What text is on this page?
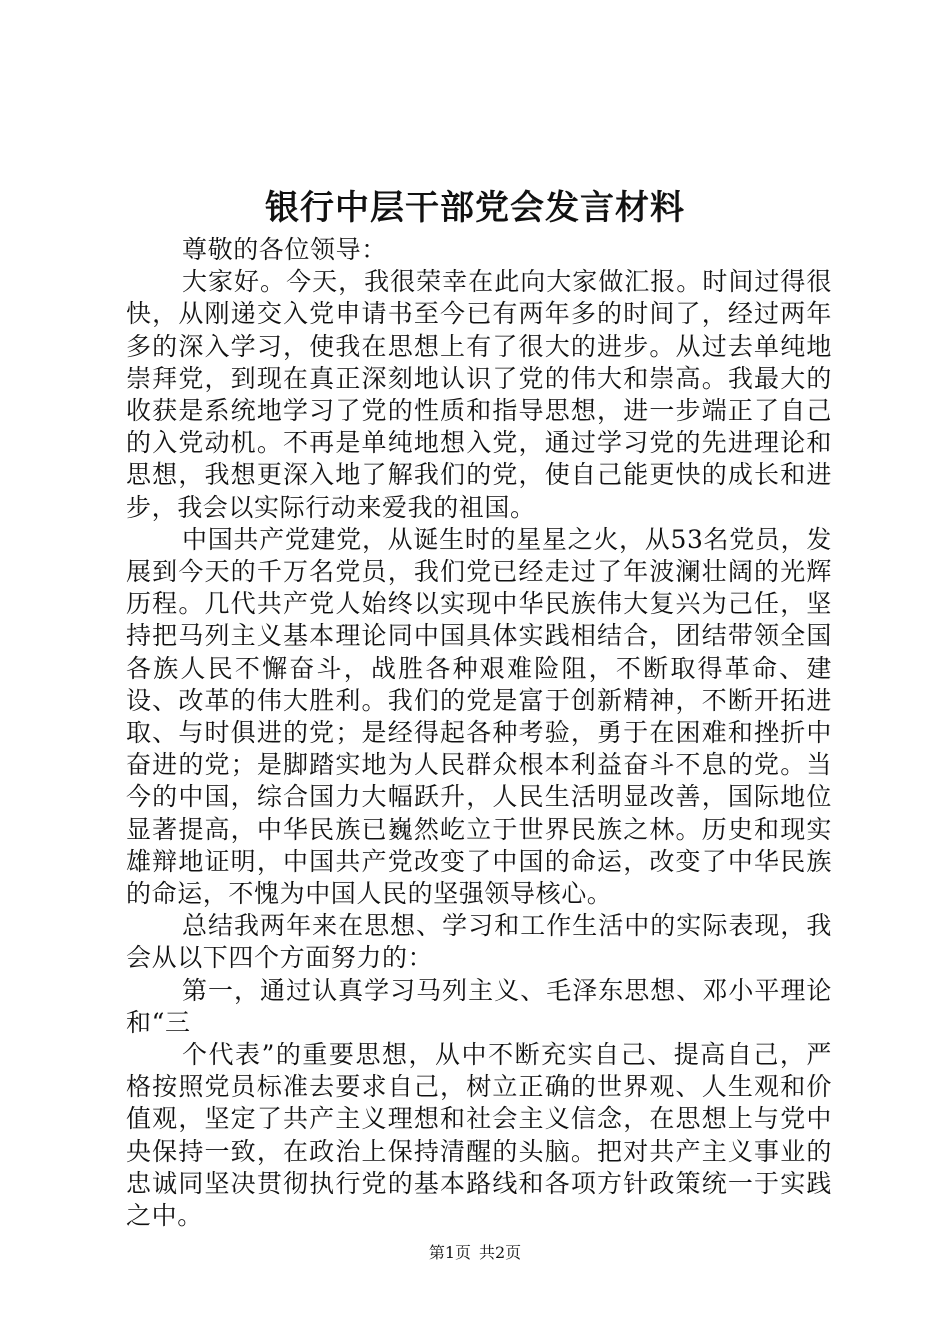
银行中层干部党会发言材料

尊敬的各位领导：

大家好。今天，我很荣幸在此向大家做汇报。时间过得很快，从刚递交入党申请书至今已有两年多的时间了，经过两年多的深入学习，使我在思想上有了很大的进步。从过去单纯地崇拜党，到现在真正深刻地认识了党的伟大和崇高。我最大的收获是系统地学习了党的性质和指导思想，进一步端正了自己的入党动机。不再是单纯地想入党，通过学习党的先进理论和思想，我想更深入地了解我们的党，使自己能更快的成长和进步，我会以实际行动来爱我的祖国。

中国共产党建党，从诞生时的星星之火，从53名党员，发展到今天的千万名党员，我们党已经走过了年波澜壮阔的光辉历程。几代共产党人始终以实现中华民族伟大复兴为己任，坚持把马列主义基本理论同中国具体实践相结合，团结带领全国各族人民不懈奋斗，战胜各种艰难险阻，不断取得革命、建设、改革的伟大胜利。我们的党是富于创新精神，不断开拓进取、与时俱进的党；是经得起各种考验，勇于在困难和挫折中奋进的党；是脚踏实地为人民群众根本利益奋斗不息的党。当今的中国，综合国力大幅跃升，人民生活明显改善，国际地位显著提高，中华民族已巍然屹立于世界民族之林。历史和现实雄辩地证明，中国共产党改变了中国的命运，改变了中华民族的命运，不愧为中国人民的坚强领导核心。

总结我两年来在思想、学习和工作生活中的实际表现，我会从以下四个方面努力的：

第一，通过认真学习马列主义、毛泽东思想、邓小平理论和“三

个代表”的重要思想，从中不断充实自己、提高自己，严格按照党员标准去要求自己，树立正确的世界观、人生观和价值观，坚定了共产主义理想和社会主义信念，在思想上与党中央保持一致，在政治上保持清醒的头脑。把对共产主义事业的忠诚同坚决贯彻执行党的基本路线和各项方针政策统一于实践之中。

第1页 共2页
